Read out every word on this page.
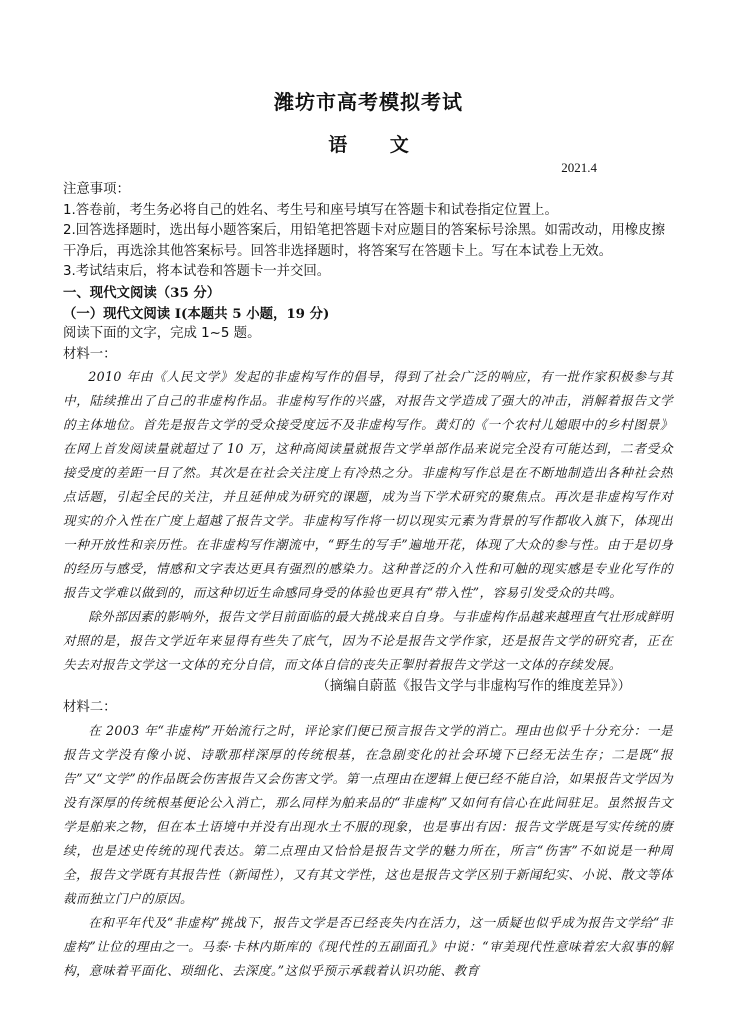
潍坊市高考模拟考试
语 文
2021.4

注意事项：

1.答卷前，考生务必将自己的姓名、考生号和座号填写在答题卡和试卷指定位置上。

2.回答选择题时，选出每小题答案后，用铅笔把答题卡对应题目的答案标号涂黑。如需改动，用橡皮擦干净后，再选涂其他答案标号。回答非选择题时，将答案写在答题卡上。写在本试卷上无效。

3.考试结束后，将本试卷和答题卡一并交回。

一、现代文阅读（35 分）

（一）现代文阅读 I(本题共 5 小题，19 分)

阅读下面的文字，完成 1~5 题。

材料一：

2010 年由《人民文学》发起的非虚构写作的倡导，得到了社会广泛的响应，有一批作家积极参与其中，陆续推出了自己的非虚构作品。非虚构写作的兴盛，对报告文学造成了强大的冲击，消解着报告文学的主体地位。首先是报告文学的受众接受度远不及非虚构写作。黄灯的《一个农村儿媳眼中的乡村图景》在网上首发阅读量就超过了 10 万，这种高阅读量就报告文学单部作品来说完全没有可能达到，二者受众接受度的差距一目了然。其次是在社会关注度上有冷热之分。非虚构写作总是在不断地制造出各种社会热点话题，引起全民的关注，并且延伸成为研究的课题，成为当下学术研究的聚焦点。再次是非虚构写作对现实的介入性在广度上超越了报告文学。非虚构写作将一切以现实元素为背景的写作都收入旗下，体现出一种开放性和亲历性。在非虚构写作潮流中，“野生的写手”遍地开花，体现了大众的参与性。由于是切身的经历与感受，情感和文字表达更具有强烈的感染力。这种普泛的介入性和可触的现实感是专业化写作的报告文学难以做到的，而这种切近生命感同身受的体验也更具有“带入性”，容易引发受众的共鸣。

除外部因素的影响外，报告文学目前面临的最大挑战来自自身。与非虚构作品越来越理直气壮形成鲜明对照的是，报告文学近年来显得有些失了底气，因为不论是报告文学作家，还是报告文学的研究者，正在失去对报告文学这一文体的充分自信，而文体自信的丧失正掣肘着报告文学这一文体的存续发展。

（摘编自蔚蓝《报告文学与非虚构写作的维度差异》）

材料二：

在 2003 年“非虚构”开始流行之时，评论家们便已预言报告文学的消亡。理由也似乎十分充分：一是报告文学没有像小说、诗歌那样深厚的传统根基，在急剧变化的社会环境下已经无法生存；二是既“报告”又“文学”的作品既会伤害报告又会伤害文学。第一点理由在逻辑上便已经不能自洽，如果报告文学因为没有深厚的传统根基便论公入消亡，那么同样为舶来品的“非虚构”又如何有信心在此间驻足。虽然报告文学是舶来之物，但在本土语境中并没有出现水土不服的现象，也是事出有因：报告文学既是写实传统的赓续，也是述史传统的现代表达。第二点理由又恰恰是报告文学的魅力所在，所言“伤害”不如说是一种周全，报告文学既有其报告性（新闻性），又有其文学性，这也是报告文学区别于新闻纪实、小说、散文等体裁而独立门户的原因。

在和平年代及“非虚构”挑战下，报告文学是否已经丧失内在活力，这一质疑也似乎成为报告文学给“非虚构”让位的理由之一。马泰·卡林内斯库的《现代性的五副面孔》中说：“审美现代性意味着宏大叙事的解构，意味着平面化、琐细化、去深度。”这似乎预示承载着认识功能、教育
